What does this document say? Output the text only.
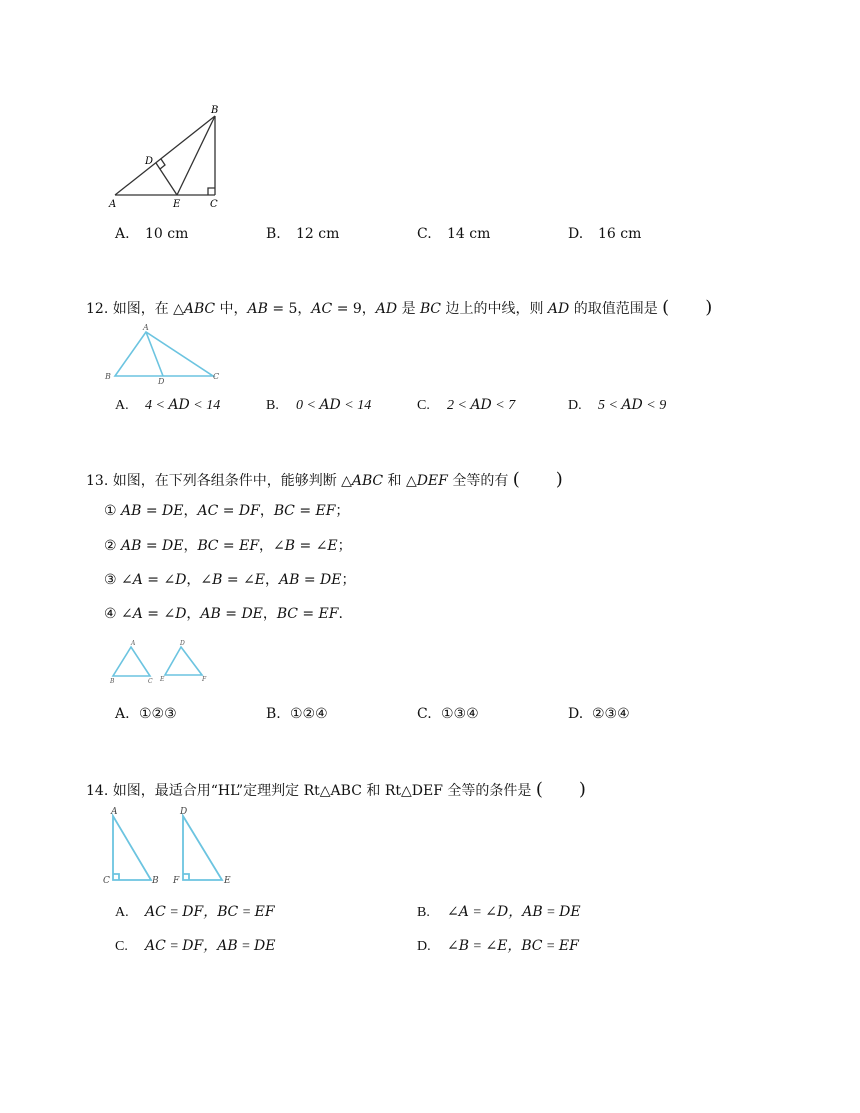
B
D
A	E	C
A. 10 cm	B. 12 cm	C. 14 cm	D. 16 cm
12. 如图，在 △𝐴𝐵𝐶 中，𝐴𝐵 = 5，𝐴𝐶 = 9，𝐴𝐷 是 𝐵𝐶 边上的中线，则 𝐴𝐷 的取值范围是 (　　)
A
B
D
C
A. 4 < 𝐴𝐷 < 14	B. 0 < 𝐴𝐷 < 14	C. 2 < 𝐴𝐷 < 7	D. 5 < 𝐴𝐷 < 9
13. 如图，在下列各组条件中，能够判断 △𝐴𝐵𝐶 和 △𝐷𝐸𝐹 全等的有 (　　)
① 𝐴𝐵 = 𝐷𝐸，𝐴𝐶 = 𝐷𝐹，𝐵𝐶 = 𝐸𝐹；
② 𝐴𝐵 = 𝐷𝐸，𝐵𝐶 = 𝐸𝐹，∠𝐵 = ∠𝐸；
③ ∠𝐴 = ∠𝐷，∠𝐵 = ∠𝐸，𝐴𝐵 = 𝐷𝐸；
④ ∠𝐴 = ∠𝐷，𝐴𝐵 = 𝐷𝐸，𝐵𝐶 = 𝐸𝐹.
A
B	C
D
E	F
A. ①②③	B. ①②④	C. ①③④	D. ②③④
14. 如图，最适合用“HL”定理判定 Rt△ABC 和 Rt△DEF 全等的条件是 (　　)
A
C	B
D
F	E
A. 𝐴𝐶 = 𝐷𝐹，𝐵𝐶 = 𝐸𝐹	B. ∠𝐴 = ∠𝐷，𝐴𝐵 = 𝐷𝐸
C. 𝐴𝐶 = 𝐷𝐹，𝐴𝐵 = 𝐷𝐸	D. ∠𝐵 = ∠𝐸，𝐵𝐶 = 𝐸𝐹
